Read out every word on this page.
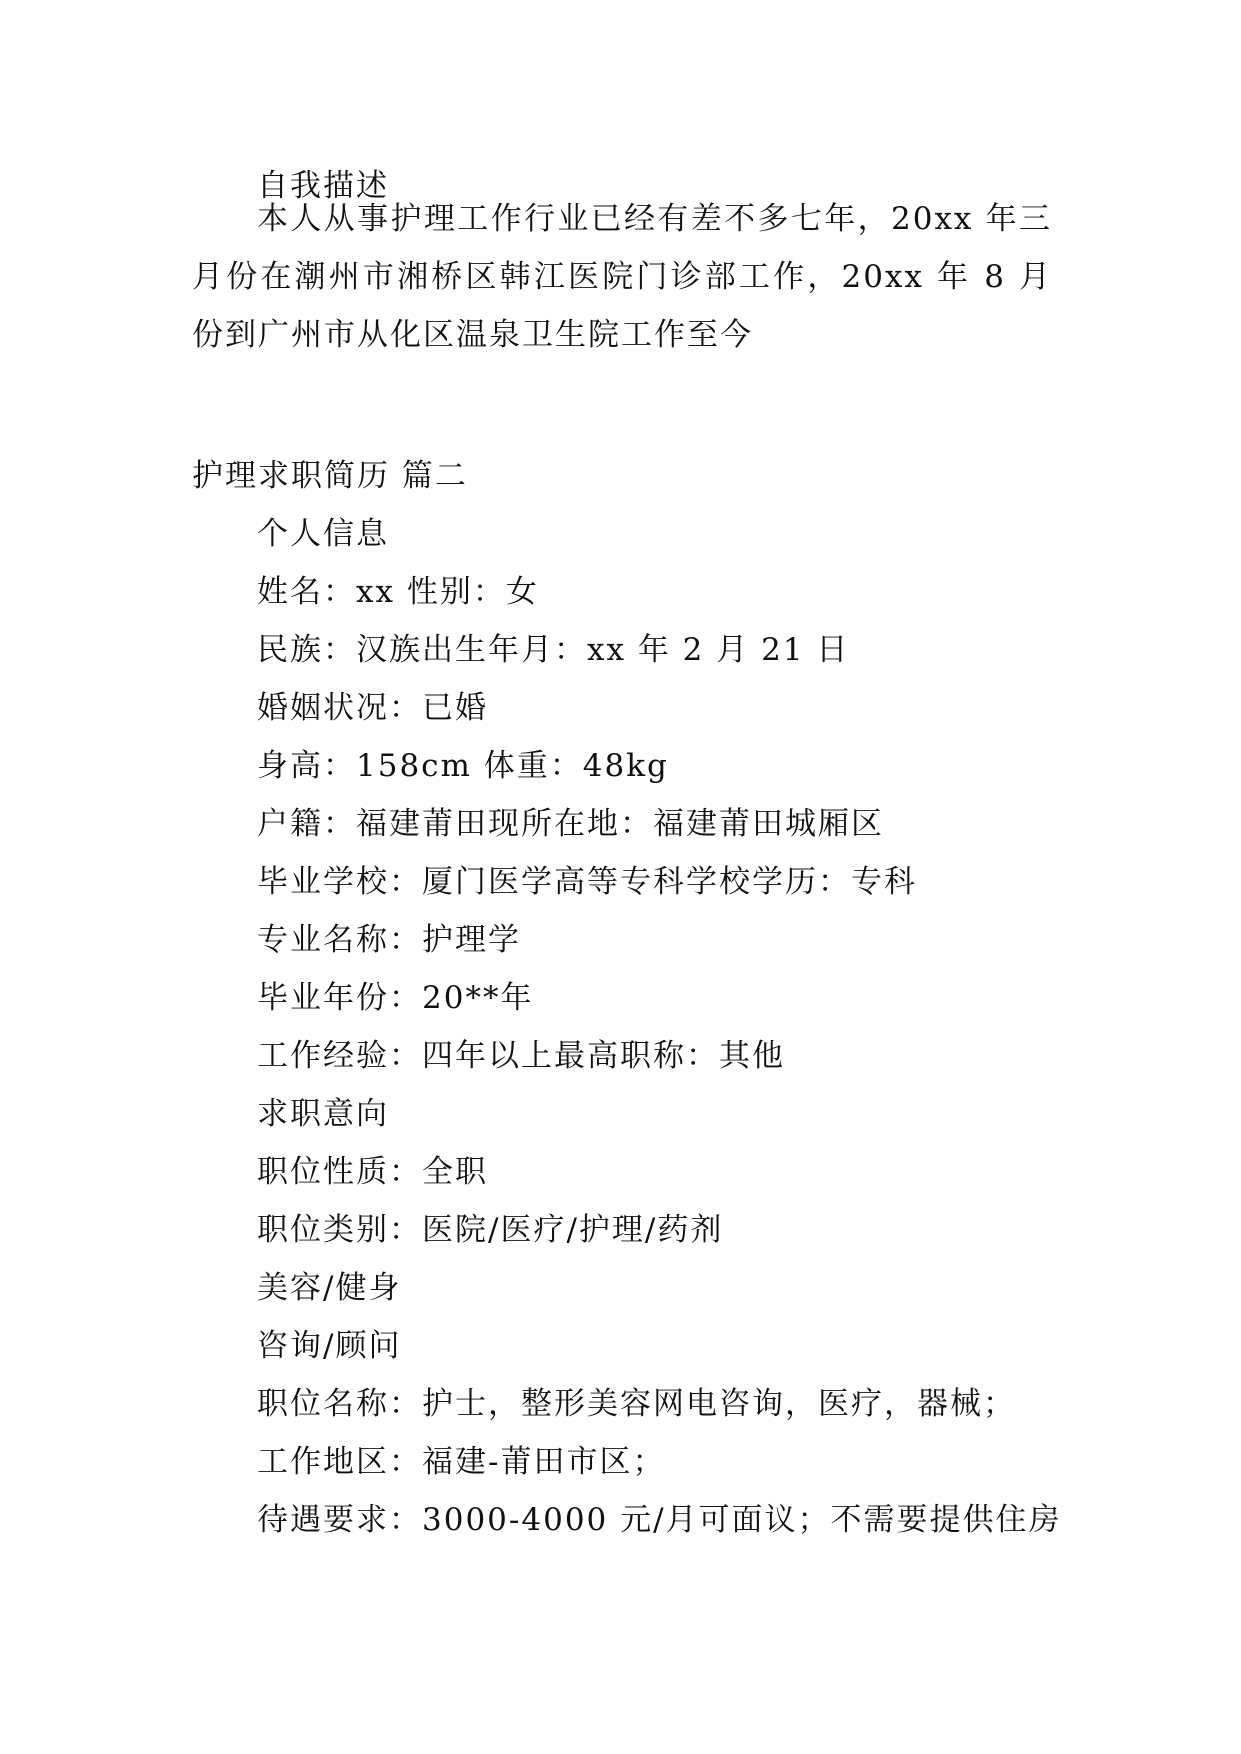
自我描述
本人从事护理工作行业已经有差不多七年，20xx 年三月份在潮州市湘桥区韩江医院门诊部工作，20xx 年 8 月份到广州市从化区温泉卫生院工作至今
护理求职简历 篇二
个人信息
姓名：xx 性别：女
民族：汉族出生年月：xx 年 2 月 21 日
婚姻状况：已婚
身高：158cm 体重：48kg
户籍：福建莆田现所在地：福建莆田城厢区
毕业学校：厦门医学高等专科学校学历：专科
专业名称：护理学
毕业年份：20**年
工作经验：四年以上最高职称：其他
求职意向
职位性质：全职
职位类别：医院/医疗/护理/药剂
美容/健身
咨询/顾问
职位名称：护士，整形美容网电咨询，医疗，器械；
工作地区：福建-莆田市区；
待遇要求：3000-4000 元/月可面议；不需要提供住房
